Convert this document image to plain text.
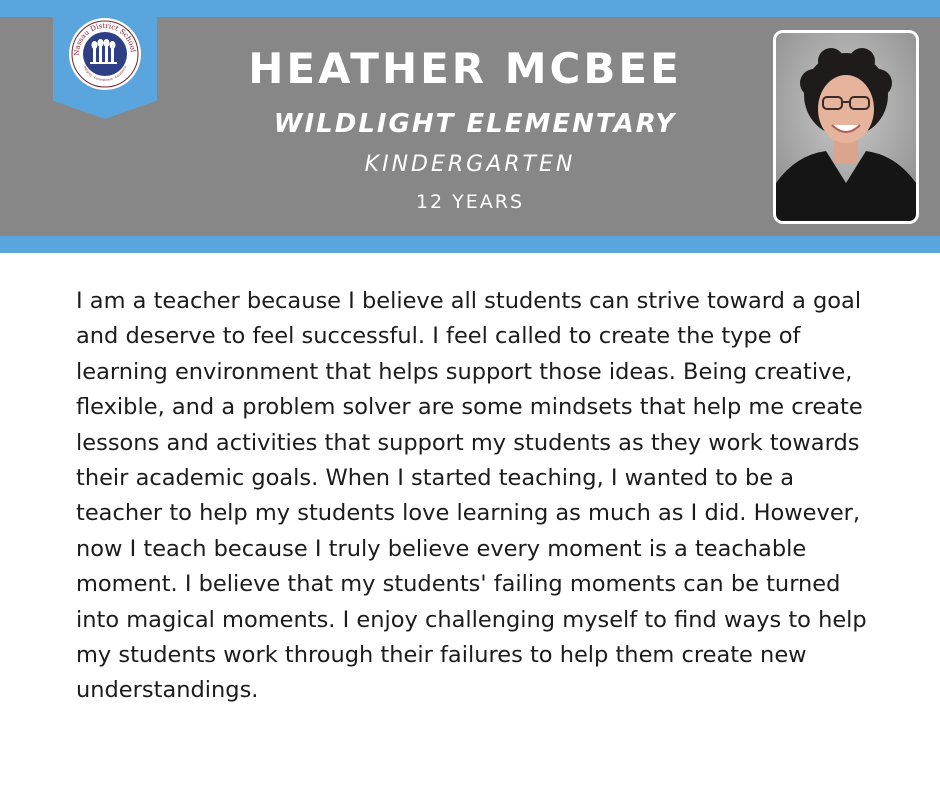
Nassau District School
Integrity · Commitment · Excellence	HEATHER MCBEE
WILDLIGHT ELEMENTARY
KINDERGARTEN
12 YEARS

I am a teacher because I believe all students can strive toward a goal and deserve to feel successful. I feel called to create the type of learning environment that helps support those ideas. Being creative, flexible, and a problem solver are some mindsets that help me create lessons and activities that support my students as they work towards their academic goals. When I started teaching, I wanted to be a teacher to help my students love learning as much as I did. However, now I teach because I truly believe every moment is a teachable moment. I believe that my students' failing moments can be turned into magical moments. I enjoy challenging myself to find ways to help my students work through their failures to help them create new understandings.
